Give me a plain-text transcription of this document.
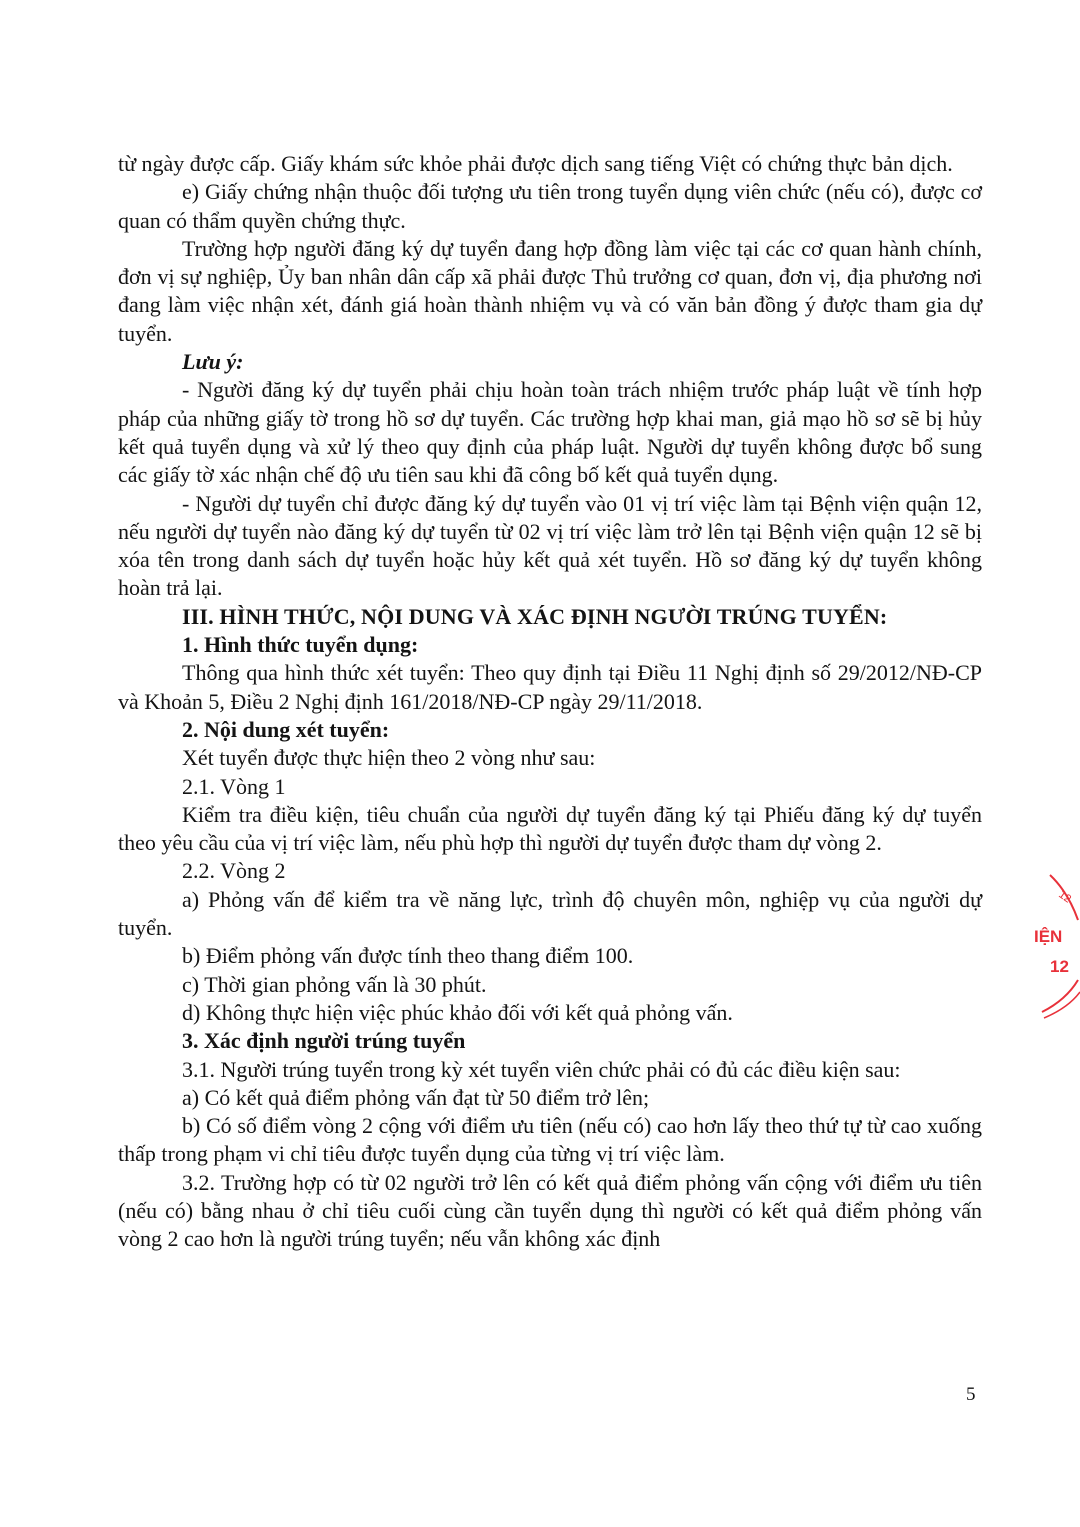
từ ngày được cấp. Giấy khám sức khỏe phải được dịch sang tiếng Việt có chứng thực bản dịch.

e) Giấy chứng nhận thuộc đối tượng ưu tiên trong tuyển dụng viên chức (nếu có), được cơ quan có thẩm quyền chứng thực.

Trường hợp người đăng ký dự tuyển đang hợp đồng làm việc tại các cơ quan hành chính, đơn vị sự nghiệp, Ủy ban nhân dân cấp xã phải được Thủ trưởng cơ quan, đơn vị, địa phương nơi đang làm việc nhận xét, đánh giá hoàn thành nhiệm vụ và có văn bản đồng ý được tham gia dự tuyển.

Lưu ý:

- Người đăng ký dự tuyển phải chịu hoàn toàn trách nhiệm trước pháp luật về tính hợp pháp của những giấy tờ trong hồ sơ dự tuyển. Các trường hợp khai man, giả mạo hồ sơ sẽ bị hủy kết quả tuyển dụng và xử lý theo quy định của pháp luật. Người dự tuyển không được bổ sung các giấy tờ xác nhận chế độ ưu tiên sau khi đã công bố kết quả tuyển dụng.

- Người dự tuyển chỉ được đăng ký dự tuyển vào 01 vị trí việc làm tại Bệnh viện quận 12, nếu người dự tuyển nào đăng ký dự tuyển từ 02 vị trí việc làm trở lên tại Bệnh viện quận 12 sẽ bị xóa tên trong danh sách dự tuyển hoặc hủy kết quả xét tuyển. Hồ sơ đăng ký dự tuyển không hoàn trả lại.

III. HÌNH THỨC, NỘI DUNG VÀ XÁC ĐỊNH NGƯỜI TRÚNG TUYỂN:

1. Hình thức tuyển dụng:

Thông qua hình thức xét tuyển: Theo quy định tại Điều 11 Nghị định số 29/2012/NĐ-CP và Khoản 5, Điều 2 Nghị định 161/2018/NĐ-CP ngày 29/11/2018.

2. Nội dung xét tuyển:

Xét tuyển được thực hiện theo 2 vòng như sau:

2.1. Vòng 1

Kiểm tra điều kiện, tiêu chuẩn của người dự tuyển đăng ký tại Phiếu đăng ký dự tuyển theo yêu cầu của vị trí việc làm, nếu phù hợp thì người dự tuyển được tham dự vòng 2.

2.2. Vòng 2

a) Phỏng vấn để kiểm tra về năng lực, trình độ chuyên môn, nghiệp vụ của người dự tuyển.

b) Điểm phỏng vấn được tính theo thang điểm 100.

c) Thời gian phỏng vấn là 30 phút.

d) Không thực hiện việc phúc khảo đối với kết quả phỏng vấn.

3. Xác định người trúng tuyển

3.1. Người trúng tuyển trong kỳ xét tuyển viên chức phải có đủ các điều kiện sau:

a) Có kết quả điểm phỏng vấn đạt từ 50 điểm trở lên;

b) Có số điểm vòng 2 cộng với điểm ưu tiên (nếu có) cao hơn lấy theo thứ tự từ cao xuống thấp trong phạm vi chỉ tiêu được tuyển dụng của từng vị trí việc làm.

3.2. Trường hợp có từ 02 người trở lên có kết quả điểm phỏng vấn cộng với điểm ưu tiên (nếu có) bằng nhau ở chỉ tiêu cuối cùng cần tuyển dụng thì người có kết quả điểm phỏng vấn vòng 2 cao hơn là người trúng tuyển; nếu vẫn không xác định

5
12
IỆN
12
